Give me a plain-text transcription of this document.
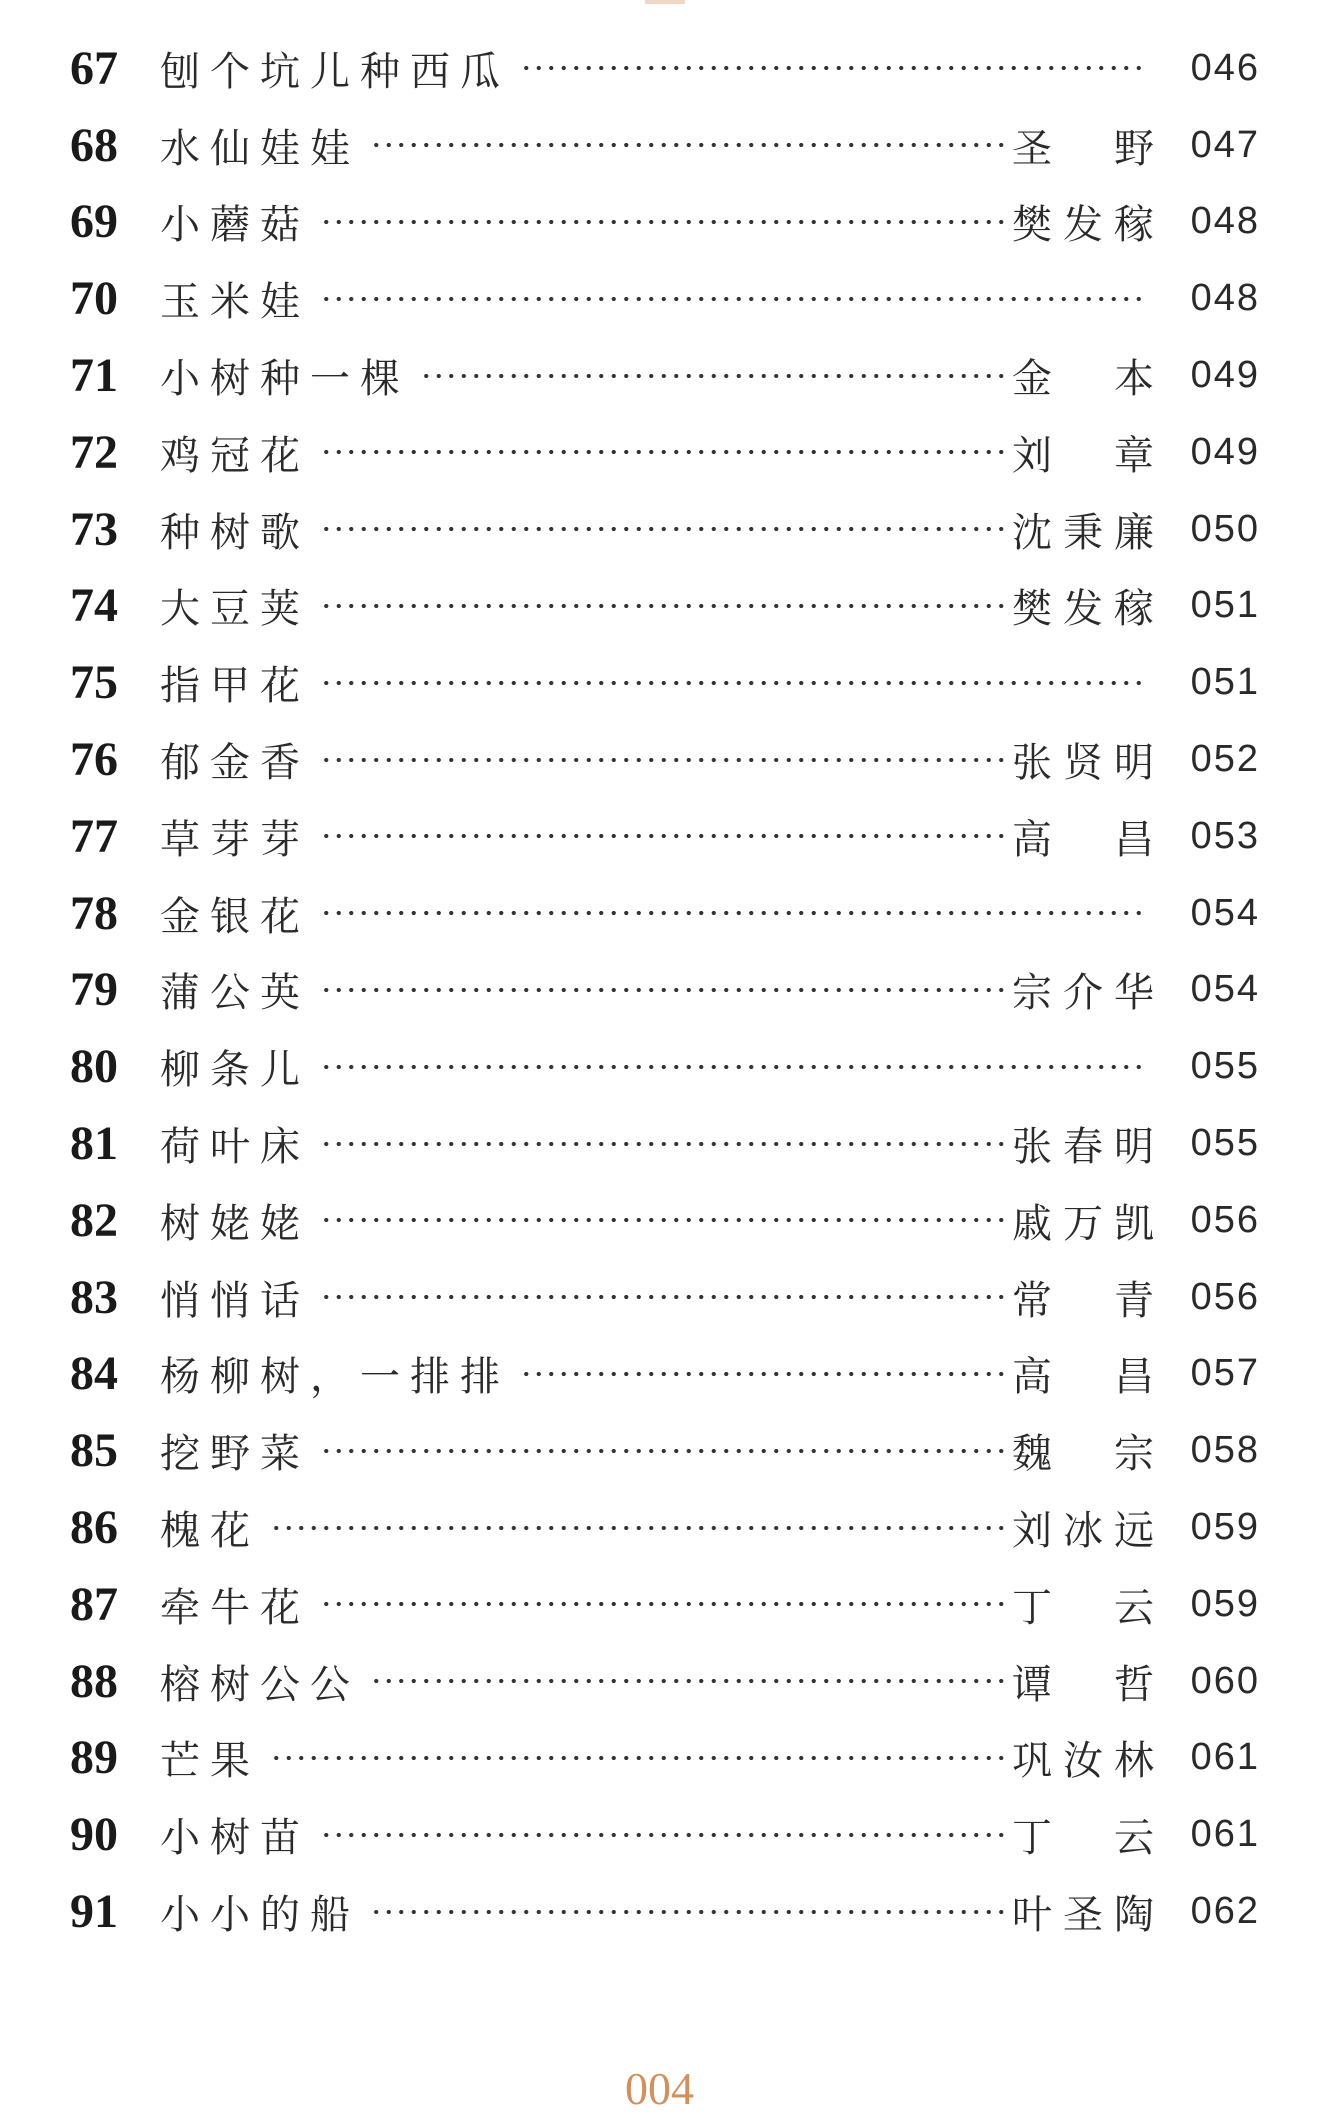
67	刨个坑儿种西瓜	046
68	水仙娃娃	圣 野 047
69	小蘑菇	樊 发 稼 048
70	玉米娃	048
71	小树种一棵	金 本 049
72	鸡冠花	刘 章 049
73	种树歌	沈 秉 廉 050
74	大豆荚	樊 发 稼 051
75	指甲花	051
76	郁金香	张 贤 明 052
77	草芽芽	高 昌 053
78	金银花	054
79	蒲公英	宗 介 华 054
80	柳条儿	055
81	荷叶床	张 春 明 055
82	树姥姥	戚 万 凯 056
83	悄悄话	常 青 056
84	杨柳树，一排排	高 昌 057
85	挖野菜	魏 宗 058
86	槐花	刘 冰 远 059
87	牵牛花	丁 云 059
88	榕树公公	谭 哲 060
89	芒果	巩 汝 林 061
90	小树苗	丁 云 061
91	小小的船	叶 圣 陶 062
004
